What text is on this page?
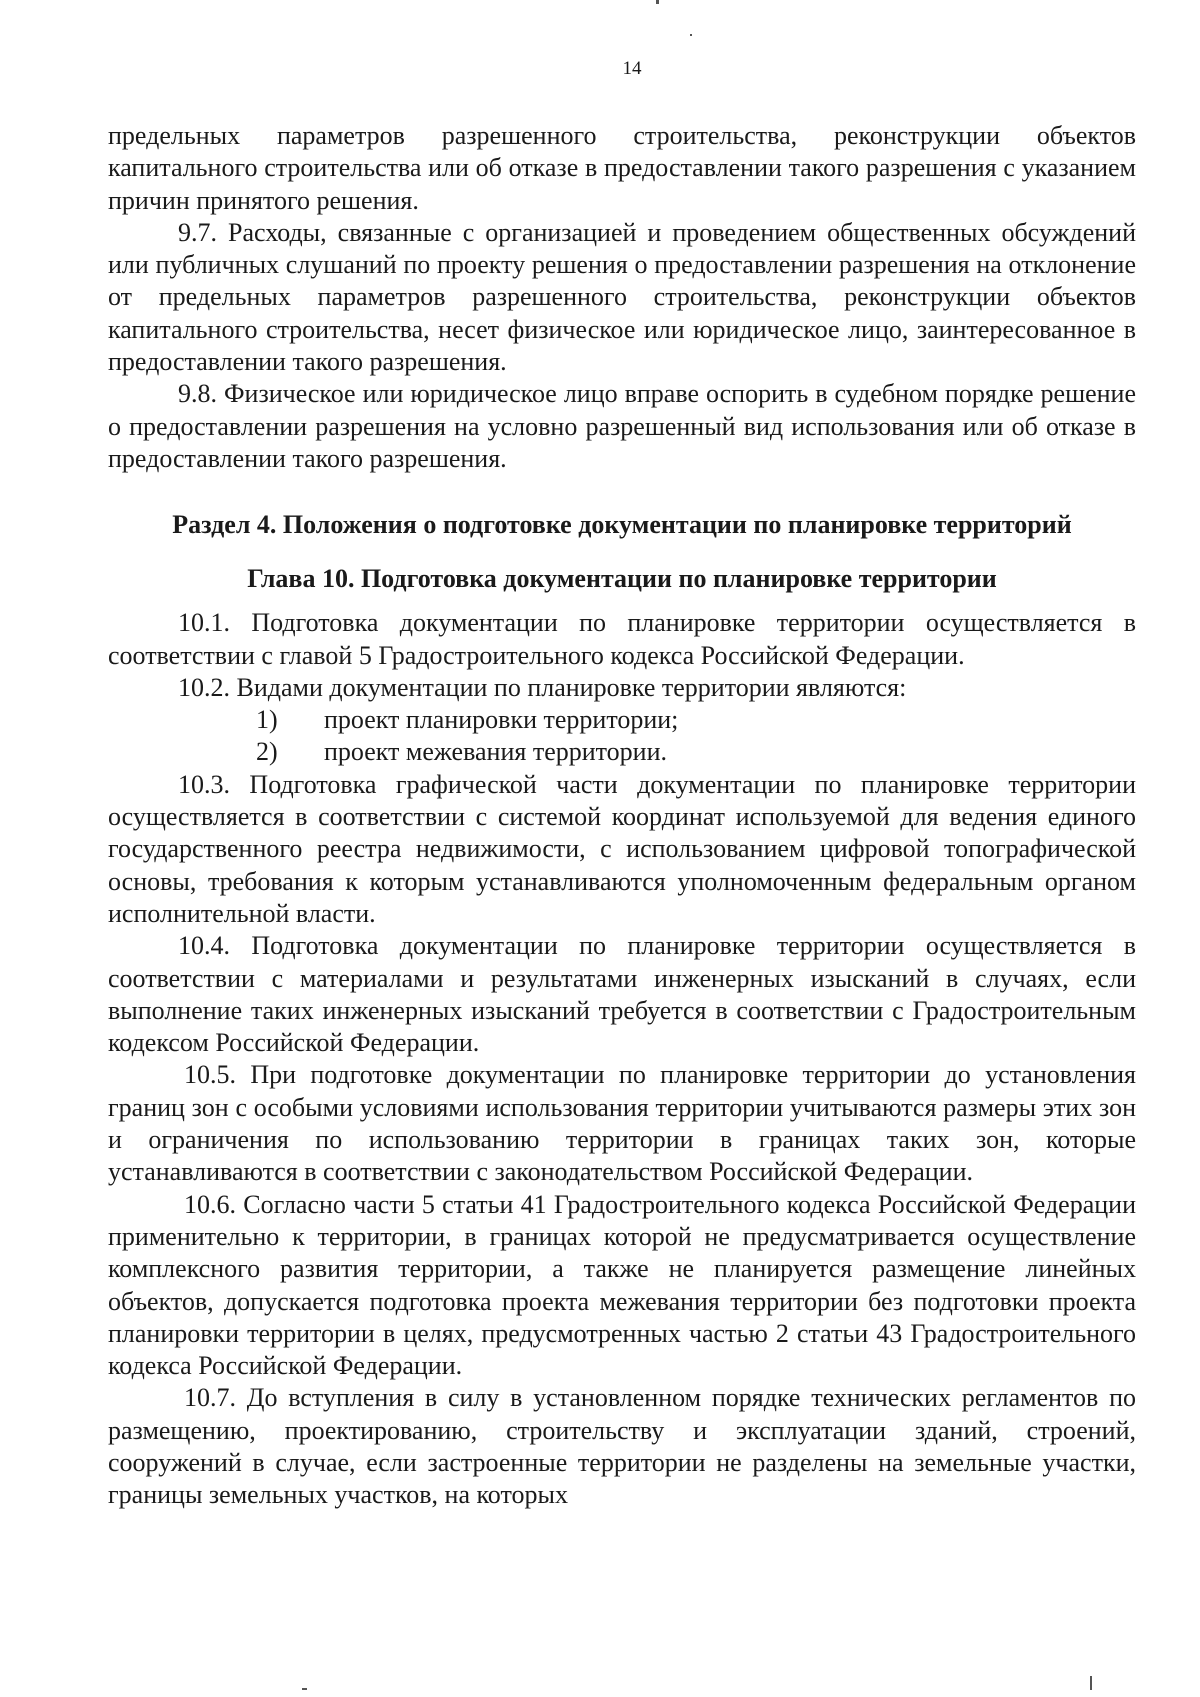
14

предельных параметров разрешенного строительства, реконструкции объектов капитального строительства или об отказе в предоставлении такого разрешения с указанием причин принятого решения.

9.7. Расходы, связанные с организацией и проведением общественных обсуждений или публичных слушаний по проекту решения о предоставлении разрешения на отклонение от предельных параметров разрешенного строительства, реконструкции объектов капитального строительства, несет физическое или юридическое лицо, заинтересованное в предоставлении такого разрешения.

9.8. Физическое или юридическое лицо вправе оспорить в судебном порядке решение о предоставлении разрешения на условно разрешенный вид использования или об отказе в предоставлении такого разрешения.

Раздел 4. Положения о подготовке документации по планировке территорий
Глава 10. Подготовка документации по планировке территории

10.1. Подготовка документации по планировке территории осуществляется в соответствии с главой 5 Градостроительного кодекса Российской Федерации.

10.2. Видами документации по планировке территории являются:

1) проект планировки территории;
2) проект межевания территории.

10.3. Подготовка графической части документации по планировке территории осуществляется в соответствии с системой координат используемой для ведения единого государственного реестра недвижимости, с использованием цифровой топографической основы, требования к которым устанавливаются уполномоченным федеральным органом исполнительной власти.

10.4. Подготовка документации по планировке территории осуществляется в соответствии с материалами и результатами инженерных изысканий в случаях, если выполнение таких инженерных изысканий требуется в соответствии с Градостроительным кодексом Российской Федерации.

10.5. При подготовке документации по планировке территории до установления границ зон с особыми условиями использования территории учитываются размеры этих зон и ограничения по использованию территории в границах таких зон, которые устанавливаются в соответствии с законодательством Российской Федерации.

10.6. Согласно части 5 статьи 41 Градостроительного кодекса Российской Федерации применительно к территории, в границах которой не предусматривается осуществление комплексного развития территории, а также не планируется размещение линейных объектов, допускается подготовка проекта межевания территории без подготовки проекта планировки территории в целях, предусмотренных частью 2 статьи 43 Градостроительного кодекса Российской Федерации.

10.7. До вступления в силу в установленном порядке технических регламентов по размещению, проектированию, строительству и эксплуатации зданий, строений, сооружений в случае, если застроенные территории не разделены на земельные участки, границы земельных участков, на которых
